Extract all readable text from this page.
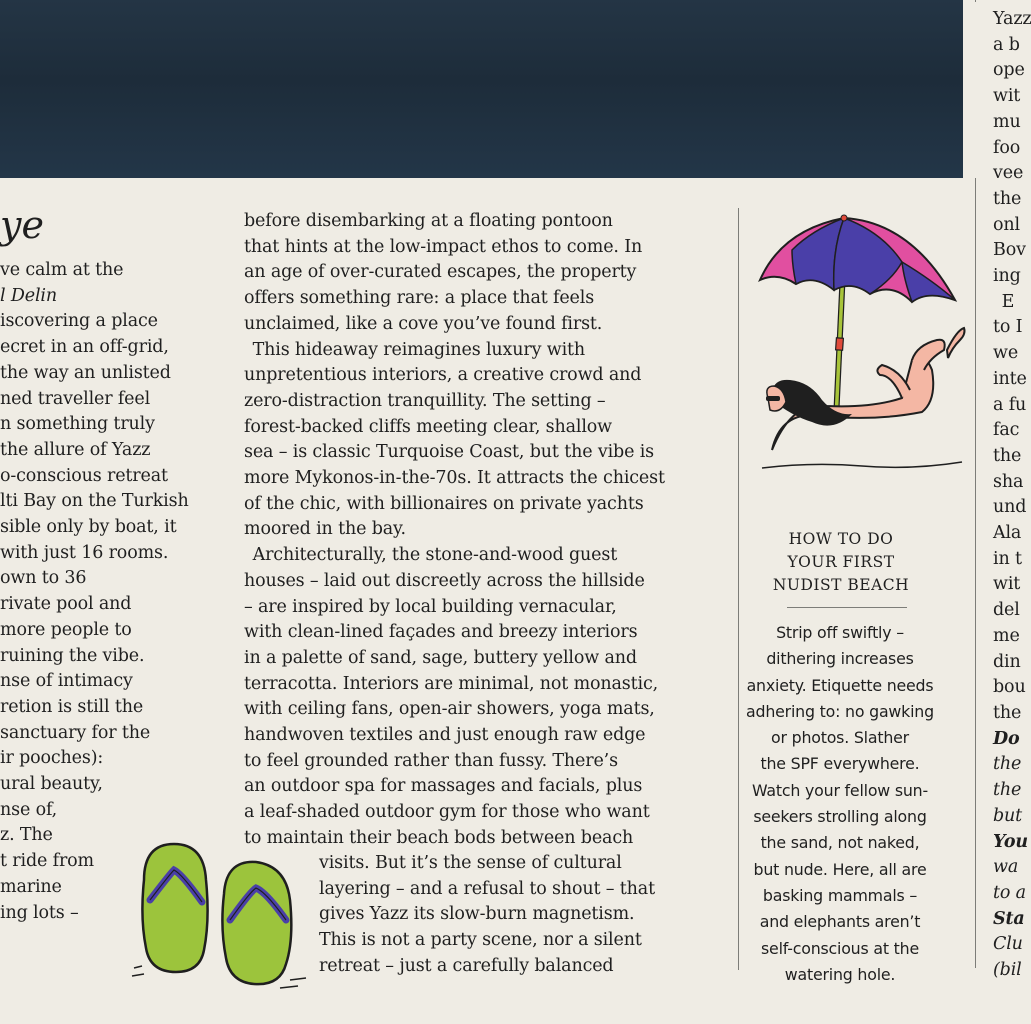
ye
ve calm at the
l Delin
iscovering a place
ecret in an off-grid,
the way an unlisted
ned traveller feel
n something truly
the allure of Yazz
o-conscious retreat
lti Bay on the Turkish
sible only by boat, it
with just 16 rooms.
own to 36
rivate pool and
more people to
ruining the vibe.
nse of intimacy
retion is still the
sanctuary for the
ir pooches):
ural beauty,
nse of,
z. The
t ride from
marine
ing lots –
before disembarking at a floating pontoon
that hints at the low-impact ethos to come. In
an age of over-curated escapes, the property
offers something rare: a place that feels
unclaimed, like a cove you’ve found first.
 This hideaway reimagines luxury with
unpretentious interiors, a creative crowd and
zero-distraction tranquillity. The setting –
forest-backed cliffs meeting clear, shallow
sea – is classic Turquoise Coast, but the vibe is
more Mykonos-in-the-70s. It attracts the chicest
of the chic, with billionaires on private yachts
moored in the bay.
 Architecturally, the stone-and-wood guest
houses – laid out discreetly across the hillside
– are inspired by local building vernacular,
with clean-lined façades and breezy interiors
in a palette of sand, sage, buttery yellow and
terracotta. Interiors are minimal, not monastic,
with ceiling fans, open-air showers, yoga mats,
handwoven textiles and just enough raw edge
to feel grounded rather than fussy. There’s
an outdoor spa for massages and facials, plus
a leaf-shaded outdoor gym for those who want
to maintain their beach bods between beach
visits. But it’s the sense of cultural
layering – and a refusal to shout – that
gives Yazz its slow-burn magnetism.
This is not a party scene, nor a silent
retreat – just a carefully balanced
HOW TO DO
YOUR FIRST
NUDIST BEACH
Strip off swiftly –
dithering increases
anxiety. Etiquette needs
adhering to: no gawking
or photos. Slather
the SPF everywhere.
Watch your fellow sun-
seekers strolling along
the sand, not naked,
but nude. Here, all are
basking mammals –
and elephants aren’t
self-conscious at the
watering hole.
Yazz
a b
ope
wit
mu
foo
vee
the
onl
Bov
ing
 E
to I
we
inte
a fu
fac
the
sha
und
Ala
in t
wit
del
me
din
bou
the
Do
the
the
but
You
wa
to a
Sta
Clu
(bil
